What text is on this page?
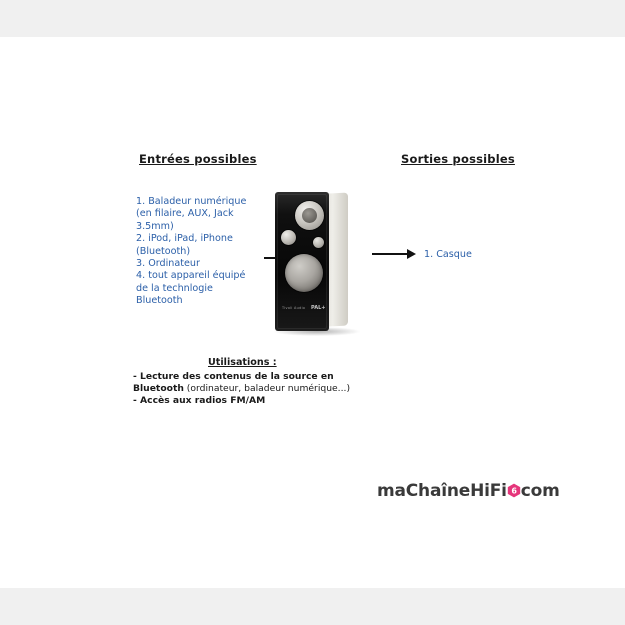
Entrées possibles	Sorties possibles

1. Baladeur numérique

(en filaire, AUX, Jack

3.5mm)

2. iPod, iPad, iPhone

(Bluetooth)

3. Ordinateur

4. tout appareil équipé

de la technlogie

Bluetooth

Tivoli Audio PAL+
1. Casque
Utilisations :

- Lecture des contenus de la source en

Bluetooth (ordinateur, baladeur numérique...)

- Accès aux radios FM/AM

maChaîneHiFi 6 com
